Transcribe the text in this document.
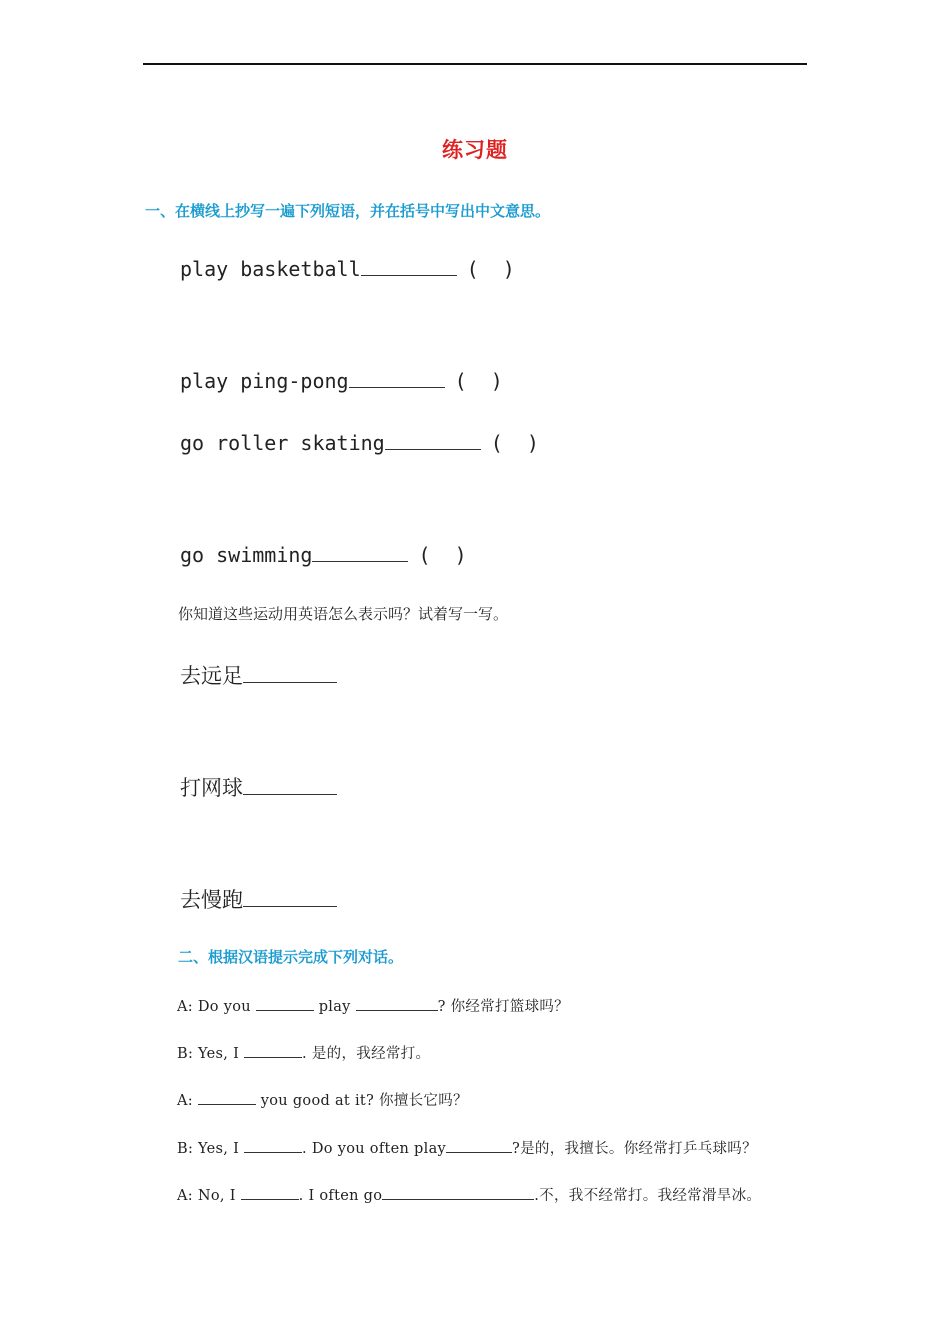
练习题
一、在横线上抄写一遍下列短语，并在括号中写出中文意思。
play basketball	(  )
play ping-pong	(  )
go roller skating	(  )
go swimming	(  )
你知道这些运动用英语怎么表示吗？试着写一写。
去远足
打网球
去慢跑
二、根据汉语提示完成下列对话。
A: Do you	play	? 你经常打篮球吗？
B: Yes, I	. 是的，我经常打。
A:	you good at it? 你擅长它吗？
B: Yes, I	. Do you often play	?是的，我擅长。你经常打乒乓球吗？
A: No, I	. I often go	.不，我不经常打。我经常滑旱冰。
